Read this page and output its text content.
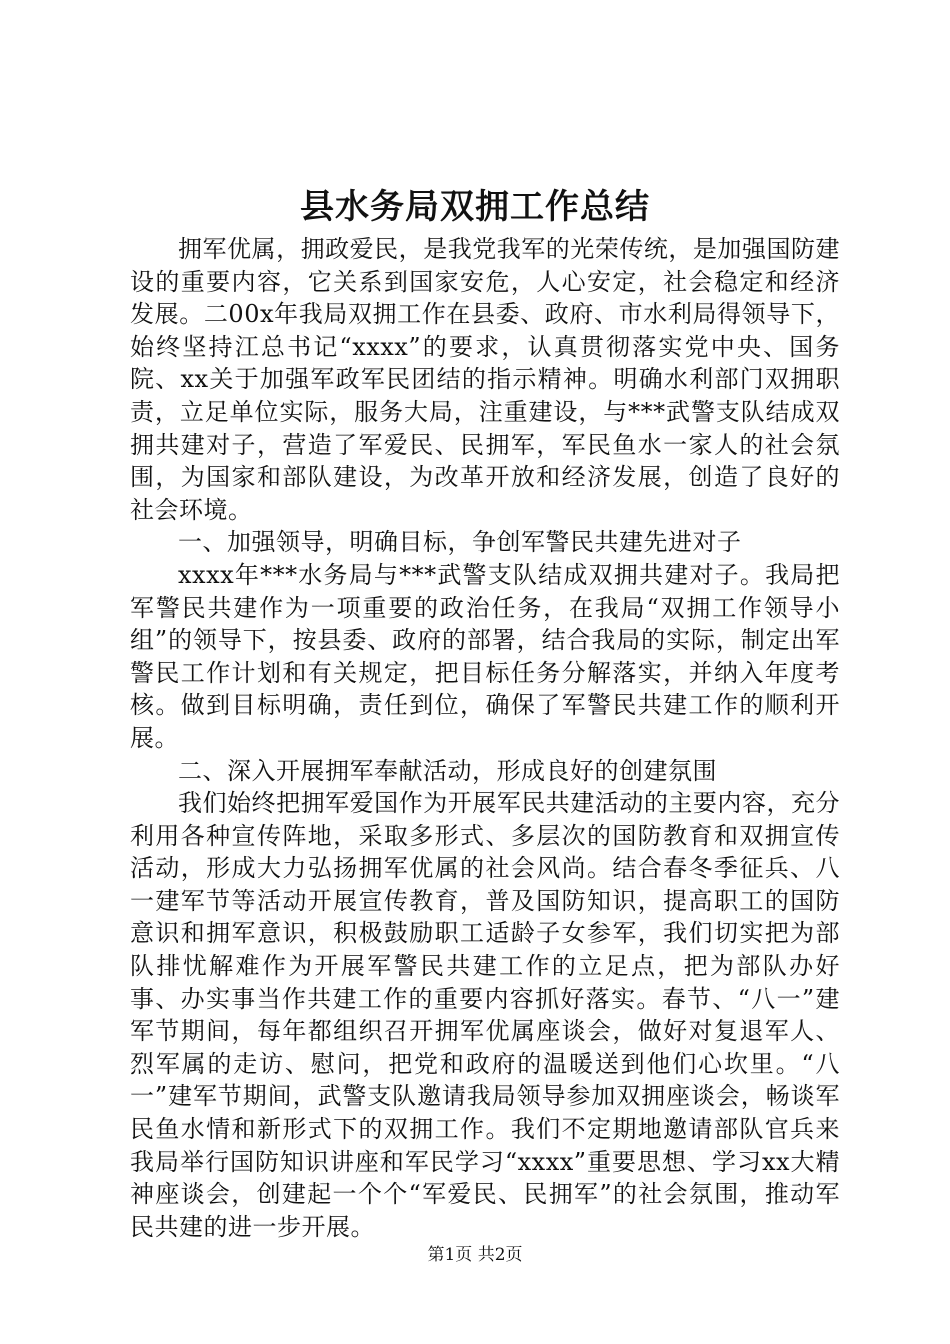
县水务局双拥工作总结

拥军优属，拥政爱民，是我党我军的光荣传统，是加强国防建设的重要内容，它关系到国家安危，人心安定，社会稳定和经济发展。二00x年我局双拥工作在县委、政府、市水利局得领导下，始终坚持江总书记“xxxx”的要求，认真贯彻落实党中央、国务院、xx关于加强军政军民团结的指示精神。明确水利部门双拥职责，立足单位实际，服务大局，注重建设，与***武警支队结成双拥共建对子，营造了军爱民、民拥军，军民鱼水一家人的社会氛围，为国家和部队建设，为改革开放和经济发展，创造了良好的社会环境。

一、加强领导，明确目标，争创军警民共建先进对子

xxxx年***水务局与***武警支队结成双拥共建对子。我局把军警民共建作为一项重要的政治任务，在我局“双拥工作领导小组”的领导下，按县委、政府的部署，结合我局的实际，制定出军警民工作计划和有关规定，把目标任务分解落实，并纳入年度考核。做到目标明确，责任到位，确保了军警民共建工作的顺利开展。

二、深入开展拥军奉献活动，形成良好的创建氛围

我们始终把拥军爱国作为开展军民共建活动的主要内容，充分利用各种宣传阵地，采取多形式、多层次的国防教育和双拥宣传活动，形成大力弘扬拥军优属的社会风尚。结合春冬季征兵、八一建军节等活动开展宣传教育，普及国防知识，提高职工的国防意识和拥军意识，积极鼓励职工适龄子女参军，我们切实把为部队排忧解难作为开展军警民共建工作的立足点，把为部队办好事、办实事当作共建工作的重要内容抓好落实。春节、“八一”建军节期间，每年都组织召开拥军优属座谈会，做好对复退军人、烈军属的走访、慰问，把党和政府的温暖送到他们心坎里。“八一”建军节期间，武警支队邀请我局领导参加双拥座谈会，畅谈军民鱼水情和新形式下的双拥工作。我们不定期地邀请部队官兵来我局举行国防知识讲座和军民学习“xxxx”重要思想、学习xx大精神座谈会，创建起一个个“军爱民、民拥军”的社会氛围，推动军民共建的进一步开展。

第1页 共2页
